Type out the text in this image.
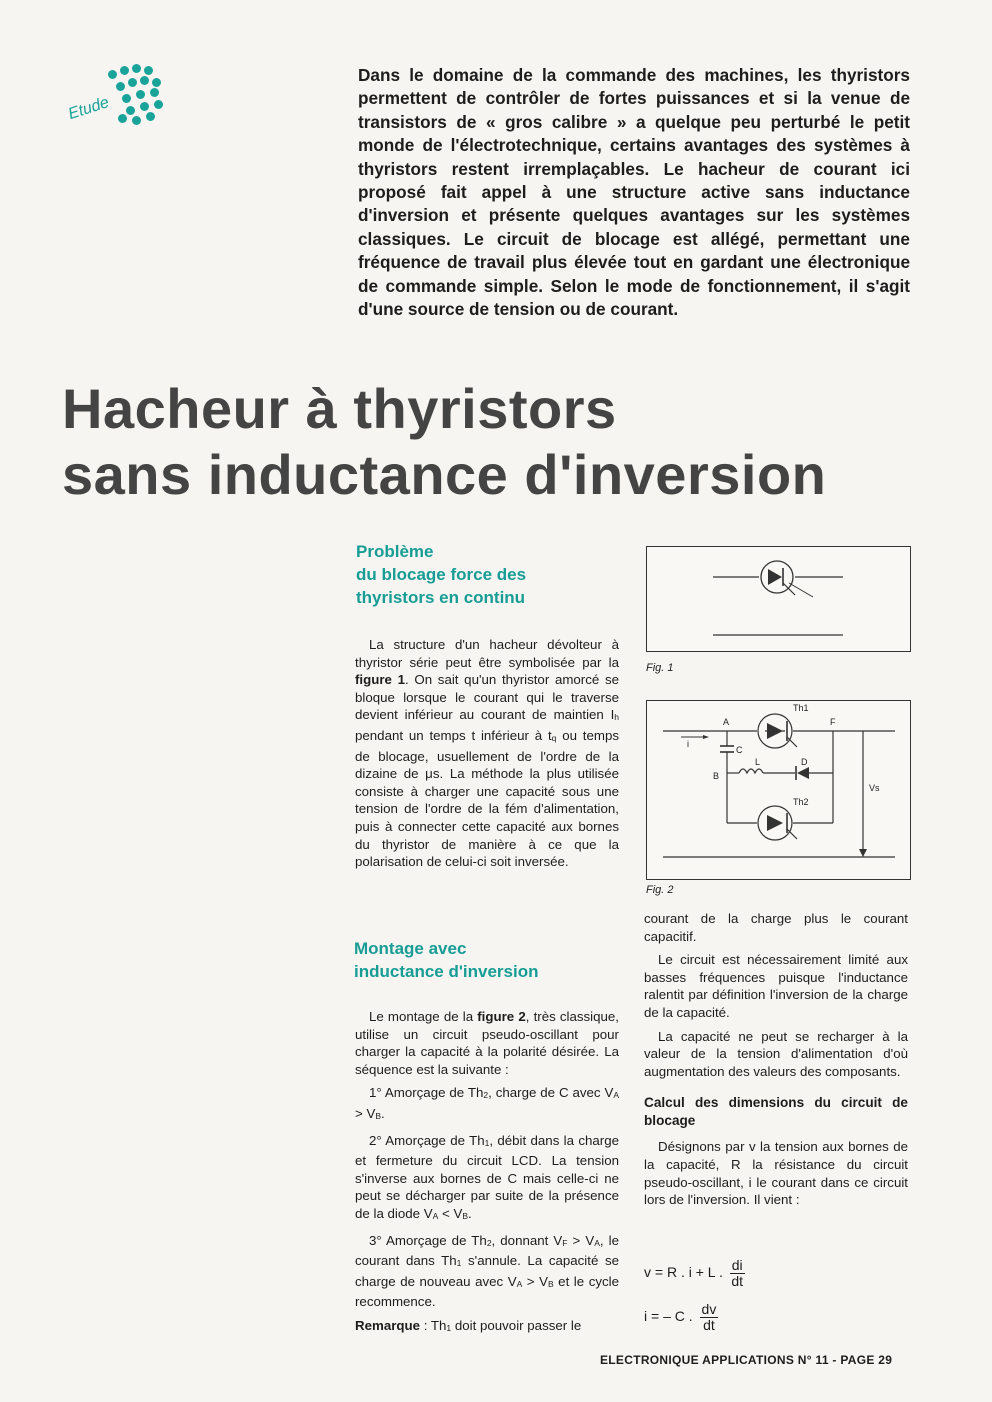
Etude
Dans le domaine de la commande des machines, les thyristors permettent de contrôler de fortes puissances et si la venue de transistors de « gros calibre » a quelque peu perturbé le petit monde de l'électrotechnique, certains avantages des systèmes à thyristors restent irremplaçables. Le hacheur de courant ici proposé fait appel à une structure active sans inductance d'inversion et présente quelques avantages sur les systèmes classiques. Le circuit de blocage est allégé, permettant une fréquence de travail plus élevée tout en gardant une électronique de commande simple. Selon le mode de fonctionnement, il s'agit d'une source de tension ou de courant.
Hacheur à thyristors
sans inductance d'inversion
Problème
du blocage force des
thyristors en continu

La structure d'un hacheur dévolteur à thyristor série peut être symbolisée par la figure 1. On sait qu'un thyristor amorcé se bloque lorsque le courant qui le traverse devient inférieur au courant de maintien Ih pendant un temps t inférieur à tq ou temps de blocage, usuellement de l'ordre de la dizaine de μs. La méthode la plus utilisée consiste à charger une capacité sous une tension de l'ordre de la fém d'alimentation, puis à connecter cette capacité aux bornes du thyristor de manière à ce que la polarisation de celui-ci soit inversée.

Montage avec
inductance d'inversion

Le montage de la figure 2, très classique, utilise un circuit pseudo-oscillant pour charger la capacité à la polarité désirée. La séquence est la suivante :

1° Amorçage de Th2, charge de C avec VA > VB.

2° Amorçage de Th1, débit dans la charge et fermeture du circuit LCD. La tension s'inverse aux bornes de C mais celle-ci ne peut se décharger par suite de la présence de la diode VA < VB.

3° Amorçage de Th2, donnant VF > VA, le courant dans Th1 s'annule. La capacité se charge de nouveau avec VA > VB et le cycle recommence.

Remarque : Th1 doit pouvoir passer le

Fig. 1
Th1
Th2
A
C
F
B
L	D
i
Vs
Fig. 2

courant de la charge plus le courant capacitif.

Le circuit est nécessairement limité aux basses fréquences puisque l'inductance ralentit par définition l'inversion de la charge de la capacité.

La capacité ne peut se recharger à la valeur de la tension d'alimentation d'où augmentation des valeurs des composants.

Calcul des dimensions du circuit de blocage

Désignons par v la tension aux bornes de la capacité, R la résistance du circuit pseudo-oscillant, i le courant dans ce circuit lors de l'inversion. Il vient :

v = R . i + L . $\frac{di}{dt}$
i = – C . $\frac{dv}{dt}$
ELECTRONIQUE APPLICATIONS N° 11 - PAGE 29
